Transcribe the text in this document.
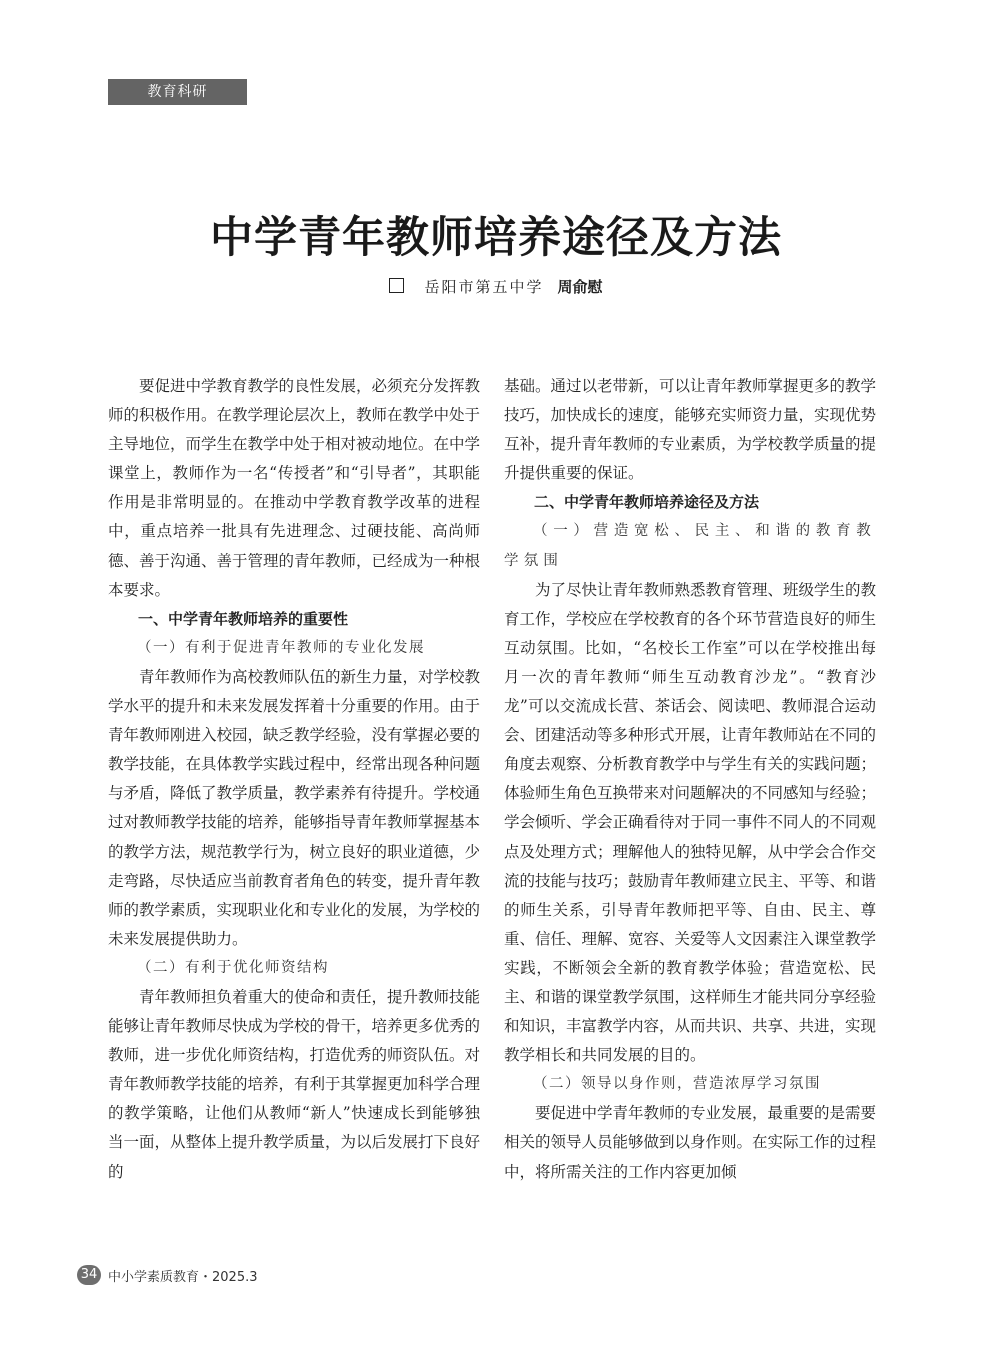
教育科研
中学青年教师培养途径及方法
岳阳市第五中学 周俞慰

要促进中学教育教学的良性发展，必须充分发挥教师的积极作用。在教学理论层次上，教师在教学中处于主导地位，而学生在教学中处于相对被动地位。在中学课堂上，教师作为一名“传授者”和“引导者”，其职能作用是非常明显的。在推动中学教育教学改革的进程中，重点培养一批具有先进理念、过硬技能、高尚师德、善于沟通、善于管理的青年教师，已经成为一种根本要求。

一、中学青年教师培养的重要性

（一）有利于促进青年教师的专业化发展

青年教师作为高校教师队伍的新生力量，对学校教学水平的提升和未来发展发挥着十分重要的作用。由于青年教师刚进入校园，缺乏教学经验，没有掌握必要的教学技能，在具体教学实践过程中，经常出现各种问题与矛盾，降低了教学质量，教学素养有待提升。学校通过对教师教学技能的培养，能够指导青年教师掌握基本的教学方法，规范教学行为，树立良好的职业道德，少走弯路，尽快适应当前教育者角色的转变，提升青年教师的教学素质，实现职业化和专业化的发展，为学校的未来发展提供助力。

（二）有利于优化师资结构

青年教师担负着重大的使命和责任，提升教师技能能够让青年教师尽快成为学校的骨干，培养更多优秀的教师，进一步优化师资结构，打造优秀的师资队伍。对青年教师教学技能的培养，有利于其掌握更加科学合理的教学策略，让他们从教师“新人”快速成长到能够独当一面，从整体上提升教学质量，为以后发展打下良好的

基础。通过以老带新，可以让青年教师掌握更多的教学技巧，加快成长的速度，能够充实师资力量，实现优势互补，提升青年教师的专业素质，为学校教学质量的提升提供重要的保证。

二、中学青年教师培养途径及方法

（一）营造宽松、民主、和谐的教育教学氛围

为了尽快让青年教师熟悉教育管理、班级学生的教育工作，学校应在学校教育的各个环节营造良好的师生互动氛围。比如，“名校长工作室”可以在学校推出每月一次的青年教师“师生互动教育沙龙”。“教育沙龙”可以交流成长营、茶话会、阅读吧、教师混合运动会、团建活动等多种形式开展，让青年教师站在不同的角度去观察、分析教育教学中与学生有关的实践问题；体验师生角色互换带来对问题解决的不同感知与经验；学会倾听、学会正确看待对于同一事件不同人的不同观点及处理方式；理解他人的独特见解，从中学会合作交流的技能与技巧；鼓励青年教师建立民主、平等、和谐的师生关系，引导青年教师把平等、自由、民主、尊重、信任、理解、宽容、关爱等人文因素注入课堂教学实践，不断领会全新的教育教学体验；营造宽松、民主、和谐的课堂教学氛围，这样师生才能共同分享经验和知识，丰富教学内容，从而共识、共享、共进，实现教学相长和共同发展的目的。

（二）领导以身作则，营造浓厚学习氛围

要促进中学青年教师的专业发展，最重要的是需要相关的领导人员能够做到以身作则。在实际工作的过程中，将所需关注的工作内容更加倾

34 中小学素质教育・2025.3
